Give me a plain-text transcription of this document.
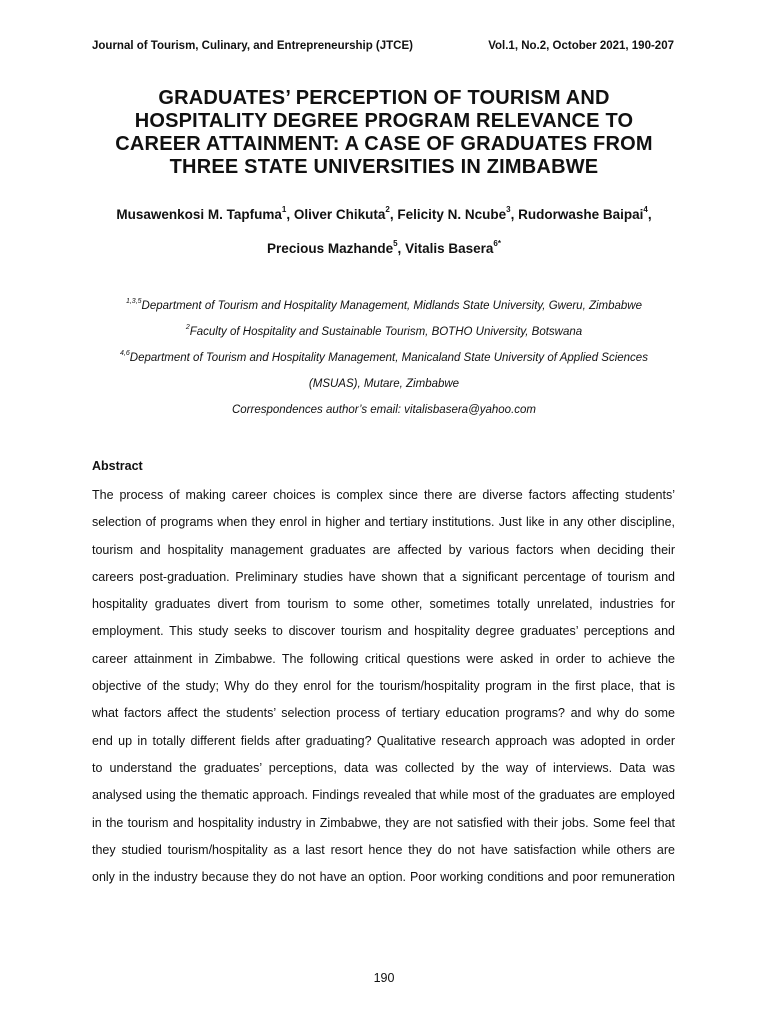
Journal of Tourism, Culinary, and Entrepreneurship (JTCE)	Vol.1, No.2, October 2021, 190-207
GRADUATES’ PERCEPTION OF TOURISM AND
HOSPITALITY DEGREE PROGRAM RELEVANCE TO
CAREER ATTAINMENT: A CASE OF GRADUATES FROM
THREE STATE UNIVERSITIES IN ZIMBABWE
Musawenkosi M. Tapfuma$^1$, Oliver Chikuta$^2$, Felicity N. Ncube$^3$, Rudorwashe Baipai$^4$,
Precious Mazhande$^5$, Vitalis Basera$^{6*}$
$^{1,3,5}$Department of Tourism and Hospitality Management, Midlands State University, Gweru, Zimbabwe
$^2$Faculty of Hospitality and Sustainable Tourism, BOTHO University, Botswana
$^{4,6}$Department of Tourism and Hospitality Management, Manicaland State University of Applied Sciences
(MSUAS), Mutare, Zimbabwe
Correspondences author’s email: vitalisbasera@yahoo.com
Abstract
The process of making career choices is complex since there are diverse factors affecting students’
selection of programs when they enrol in higher and tertiary institutions. Just like in any other discipline,
tourism and hospitality management graduates are affected by various factors when deciding their
careers post-graduation. Preliminary studies have shown that a significant percentage of tourism and
hospitality graduates divert from tourism to some other, sometimes totally unrelated, industries for
employment. This study seeks to discover tourism and hospitality degree graduates’ perceptions and
career attainment in Zimbabwe. The following critical questions were asked in order to achieve the
objective of the study; Why do they enrol for the tourism/hospitality program in the first place, that is
what factors affect the students’ selection process of tertiary education programs? and why do some
end up in totally different fields after graduating? Qualitative research approach was adopted in order
to understand the graduates’ perceptions, data was collected by the way of interviews. Data was
analysed using the thematic approach. Findings revealed that while most of the graduates are employed
in the tourism and hospitality industry in Zimbabwe, they are not satisfied with their jobs. Some feel that
they studied tourism/hospitality as a last resort hence they do not have satisfaction while others are
only in the industry because they do not have an option. Poor working conditions and poor remuneration
190
